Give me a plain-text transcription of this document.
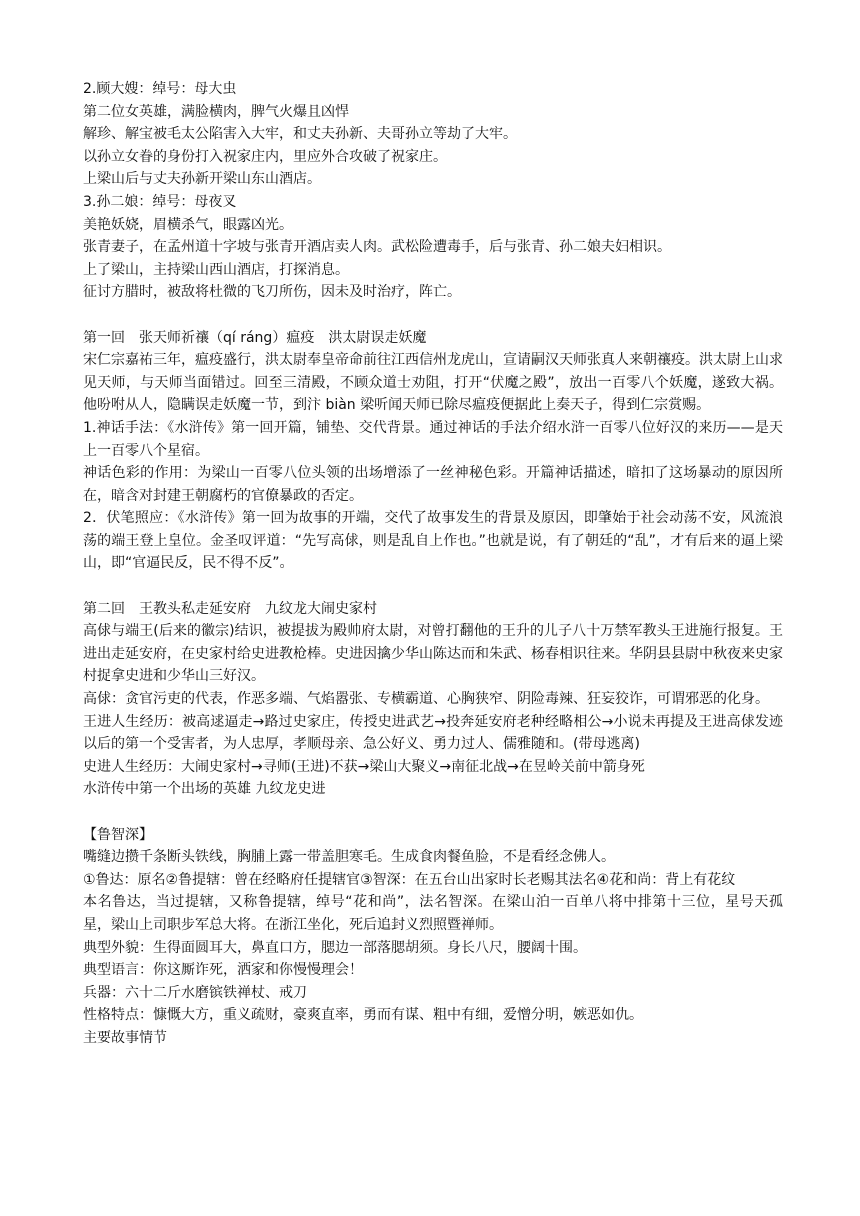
2.顾大嫂：绰号：母大虫
第二位女英雄，满脸横肉，脾气火爆且凶悍
解珍、解宝被毛太公陷害入大牢，和丈夫孙新、夫哥孙立等劫了大牢。
以孙立女眷的身份打入祝家庄内，里应外合攻破了祝家庄。
上梁山后与丈夫孙新开梁山东山酒店。
3.孙二娘：绰号：母夜叉
美艳妖娆，眉横杀气，眼露凶光。
张青妻子，在孟州道十字坡与张青开酒店卖人肉。武松险遭毒手，后与张青、孙二娘夫妇相识。
上了梁山，主持梁山西山酒店，打探消息。
征讨方腊时，被敌将杜微的飞刀所伤，因未及时治疗，阵亡。
第一回　张天师祈禳（qí ráng）瘟疫　洪太尉误走妖魔
宋仁宗嘉祐三年，瘟疫盛行，洪太尉奉皇帝命前往江西信州龙虎山，宣请嗣汉天师张真人来朝禳疫。洪太尉上山求见天师，与天师当面错过。回至三清殿，不顾众道士劝阻，打开“伏魔之殿”，放出一百零八个妖魔，遂致大祸。他吩咐从人，隐瞒误走妖魔一节，到汴 biàn 梁听闻天师已除尽瘟疫便据此上奏天子，得到仁宗赏赐。
1.神话手法：《水浒传》第一回开篇，铺垫、交代背景。通过神话的手法介绍水浒一百零八位好汉的来历——是天上一百零八个星宿。
神话色彩的作用：为梁山一百零八位头领的出场增添了一丝神秘色彩。开篇神话描述，暗扣了这场暴动的原因所在，暗含对封建王朝腐朽的官僚暴政的否定。
2．伏笔照应：《水浒传》第一回为故事的开端，交代了故事发生的背景及原因，即肇始于社会动荡不安，风流浪荡的端王登上皇位。金圣叹评道：“先写高俅，则是乱自上作也。”也就是说，有了朝廷的“乱”，才有后来的逼上梁山，即“官逼民反，民不得不反”。
第二回　王教头私走延安府　九纹龙大闹史家村
高俅与端王(后来的徽宗)结识，被提拔为殿帅府太尉，对曾打翻他的王升的儿子八十万禁军教头王进施行报复。王进出走延安府，在史家村给史进教枪棒。史进因擒少华山陈达而和朱武、杨春相识往来。华阴县县尉中秋夜来史家村捉拿史进和少华山三好汉。
高俅：贪官污吏的代表，作恶多端、气焰嚣张、专横霸道、心胸狭窄、阴险毒辣、狂妄狡诈，可谓邪恶的化身。
王进人生经历：被高逑逼走→路过史家庄，传授史进武艺→投奔延安府老种经略相公→小说未再提及王进高俅发迹以后的第一个受害者，为人忠厚，孝顺母亲、急公好义、勇力过人、儒雅随和。(带母逃离)
史进人生经历：大闹史家村→寻师(王进)不获→梁山大聚义→南征北战→在昱岭关前中箭身死
水浒传中第一个出场的英雄 九纹龙史进
【鲁智深】
嘴缝边攒千条断头铁线，胸脯上露一带盖胆寒毛。生成食肉餐鱼脸，不是看经念佛人。
①鲁达：原名②鲁提辖：曾在经略府任提辖官③智深：在五台山出家时长老赐其法名④花和尚：背上有花纹
本名鲁达，当过提辖，又称鲁提辖，绰号“花和尚”，法名智深。在梁山泊一百单八将中排第十三位，星号天孤星，梁山上司职步军总大将。在浙江坐化，死后追封义烈照暨禅师。
典型外貌：生得面圆耳大，鼻直口方，腮边一部落腮胡须。身长八尺，腰阔十围。
典型语言：你这厮诈死，洒家和你慢慢理会！
兵器：六十二斤水磨镔铁禅杖、戒刀
性格特点：慷慨大方，重义疏财，豪爽直率，勇而有谋、粗中有细，爱憎分明，嫉恶如仇。
主要故事情节
